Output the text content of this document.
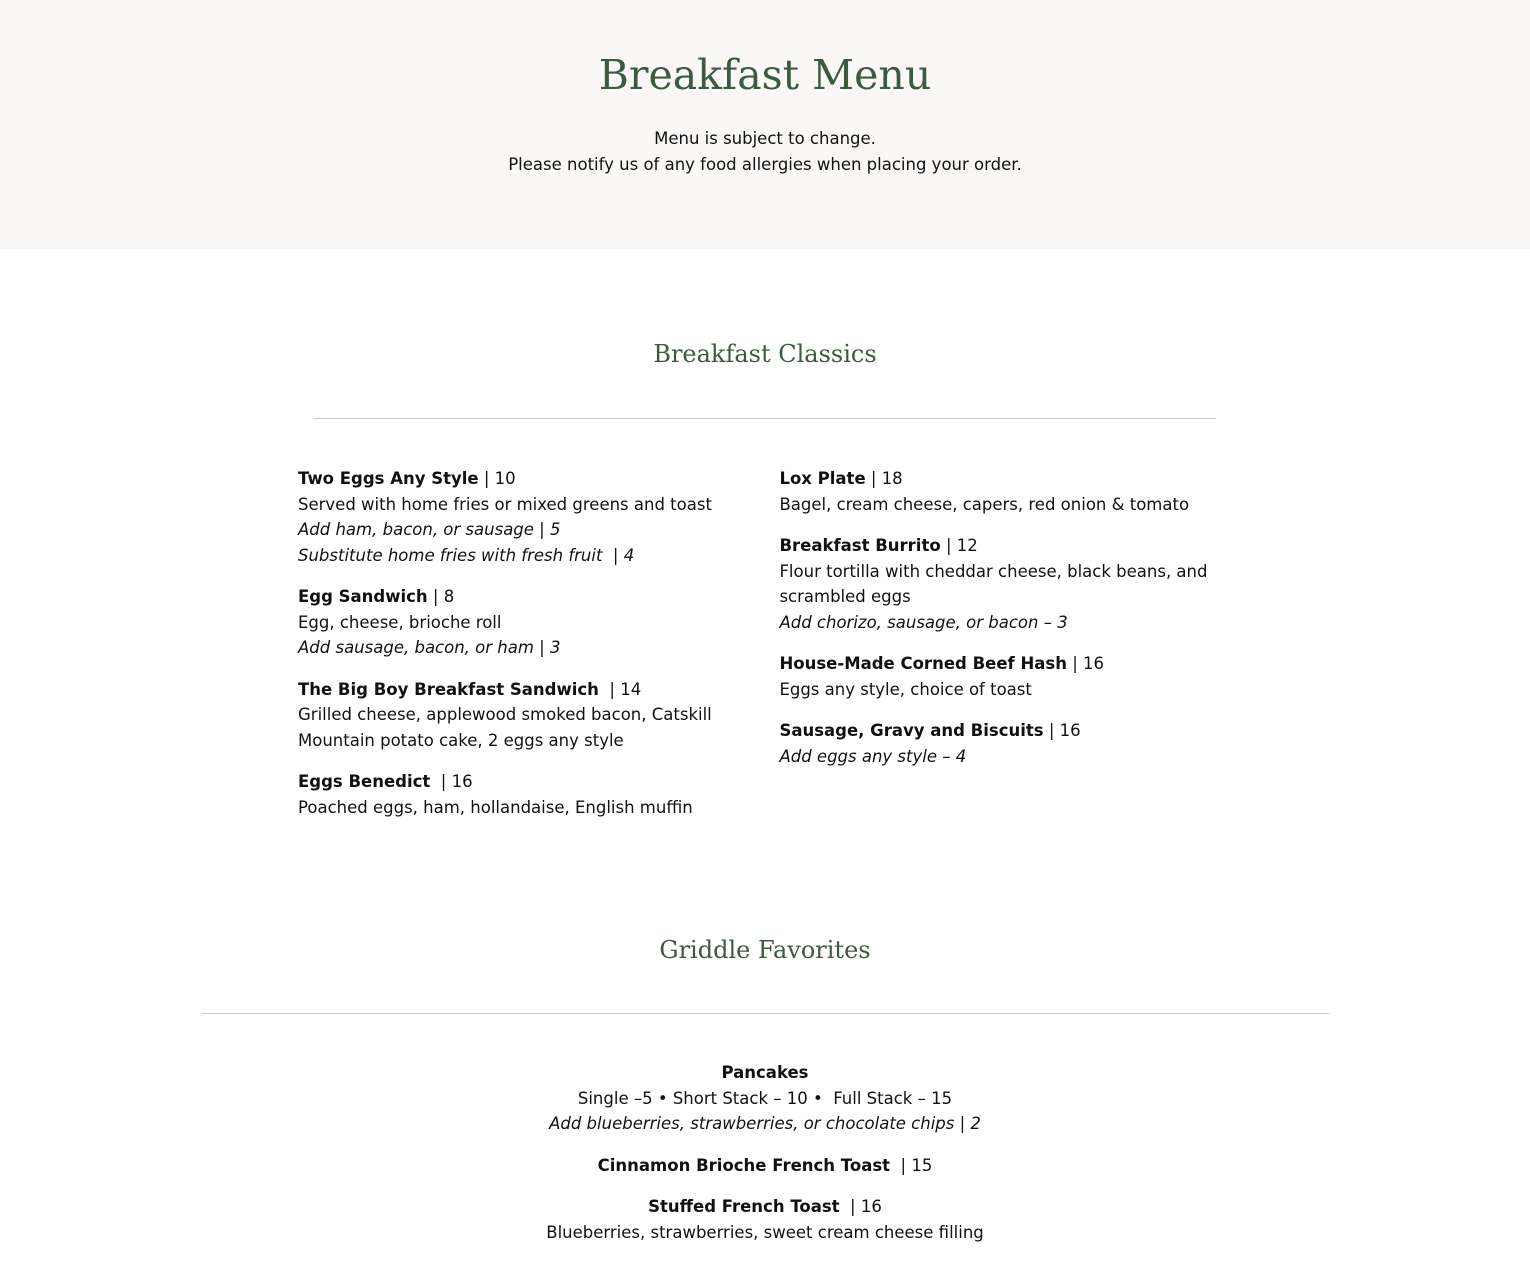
Breakfast Menu
Menu is subject to change.
Please notify us of any food allergies when placing your order.
Breakfast Classics
Two Eggs Any Style | 10
Served with home fries or mixed greens and toast
Add ham, bacon, or sausage | 5
Substitute home fries with fresh fruit  | 4
Egg Sandwich | 8
Egg, cheese, brioche roll
Add sausage, bacon, or ham | 3
The Big Boy Breakfast Sandwich  | 14
Grilled cheese, applewood smoked bacon, Catskill Mountain potato cake, 2 eggs any style
Eggs Benedict  | 16
Poached eggs, ham, hollandaise, English muffin
Lox Plate | 18
Bagel, cream cheese, capers, red onion & tomato
Breakfast Burrito | 12
Flour tortilla with cheddar cheese, black beans, and scrambled eggs
Add chorizo, sausage, or bacon – 3
House-Made Corned Beef Hash | 16
Eggs any style, choice of toast
Sausage, Gravy and Biscuits | 16
Add eggs any style – 4
Griddle Favorites
Pancakes
Single –5 • Short Stack – 10 •  Full Stack – 15
Add blueberries, strawberries, or chocolate chips | 2
Cinnamon Brioche French Toast  | 15
Stuffed French Toast  | 16
Blueberries, strawberries, sweet cream cheese filling
